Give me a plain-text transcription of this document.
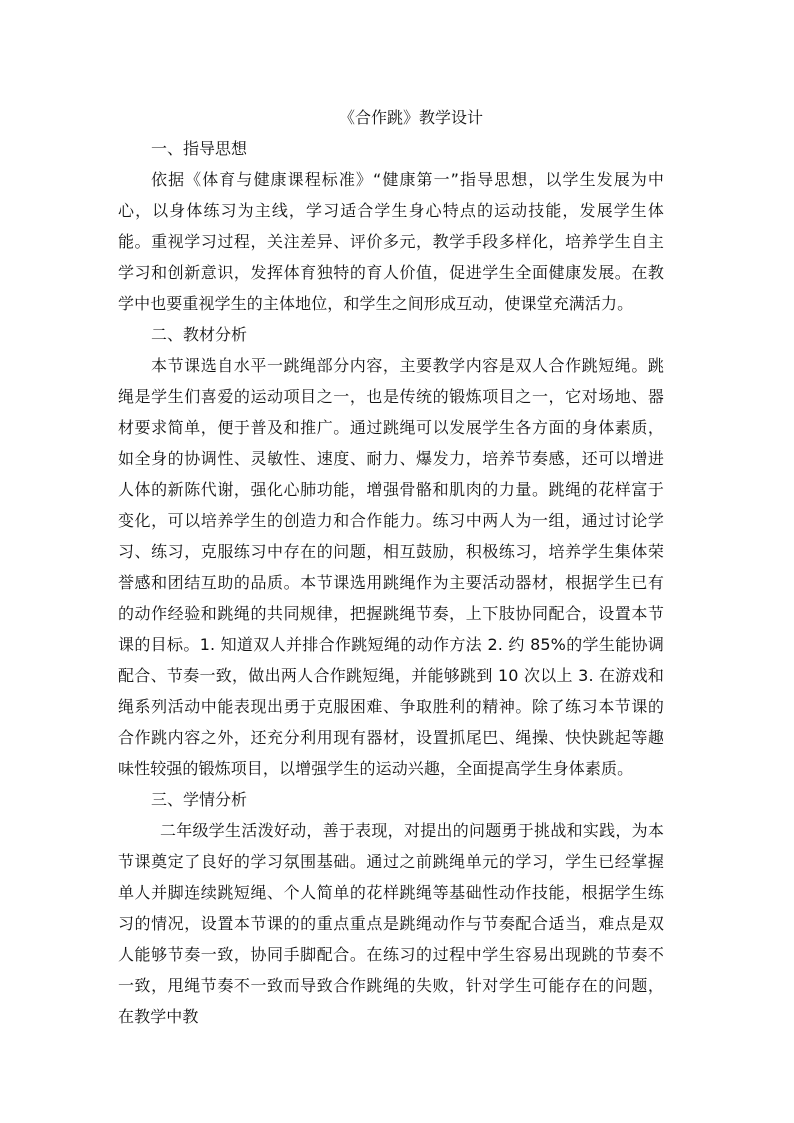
《合作跳》教学设计
一、指导思想

依据《体育与健康课程标准》“健康第一”指导思想，以学生发展为中心，以身体练习为主线，学习适合学生身心特点的运动技能，发展学生体能。重视学习过程，关注差异、评价多元，教学手段多样化，培养学生自主学习和创新意识，发挥体育独特的育人价值，促进学生全面健康发展。在教学中也要重视学生的主体地位，和学生之间形成互动，使课堂充满活力。

二、教材分析

本节课选自水平一跳绳部分内容，主要教学内容是双人合作跳短绳。跳绳是学生们喜爱的运动项目之一，也是传统的锻炼项目之一，它对场地、器材要求简单，便于普及和推广。通过跳绳可以发展学生各方面的身体素质，如全身的协调性、灵敏性、速度、耐力、爆发力，培养节奏感，还可以增进人体的新陈代谢，强化心肺功能，增强骨骼和肌肉的力量。跳绳的花样富于变化，可以培养学生的创造力和合作能力。练习中两人为一组，通过讨论学习、练习，克服练习中存在的问题，相互鼓励，积极练习，培养学生集体荣誉感和团结互助的品质。本节课选用跳绳作为主要活动器材，根据学生已有的动作经验和跳绳的共同规律，把握跳绳节奏，上下肢协同配合，设置本节课的目标。1. 知道双人并排合作跳短绳的动作方法 2. 约 85%的学生能协调配合、节奏一致，做出两人合作跳短绳，并能够跳到 10 次以上 3. 在游戏和绳系列活动中能表现出勇于克服困难、争取胜利的精神。除了练习本节课的合作跳内容之外，还充分利用现有器材，设置抓尾巴、绳操、快快跳起等趣味性较强的锻炼项目，以增强学生的运动兴趣，全面提高学生身体素质。

三、学情分析

二年级学生活泼好动，善于表现，对提出的问题勇于挑战和实践，为本节课奠定了良好的学习氛围基础。通过之前跳绳单元的学习，学生已经掌握单人并脚连续跳短绳、个人简单的花样跳绳等基础性动作技能，根据学生练习的情况，设置本节课的的重点重点是跳绳动作与节奏配合适当，难点是双人能够节奏一致，协同手脚配合。在练习的过程中学生容易出现跳的节奏不一致，甩绳节奏不一致而导致合作跳绳的失败，针对学生可能存在的问题，在教学中教
